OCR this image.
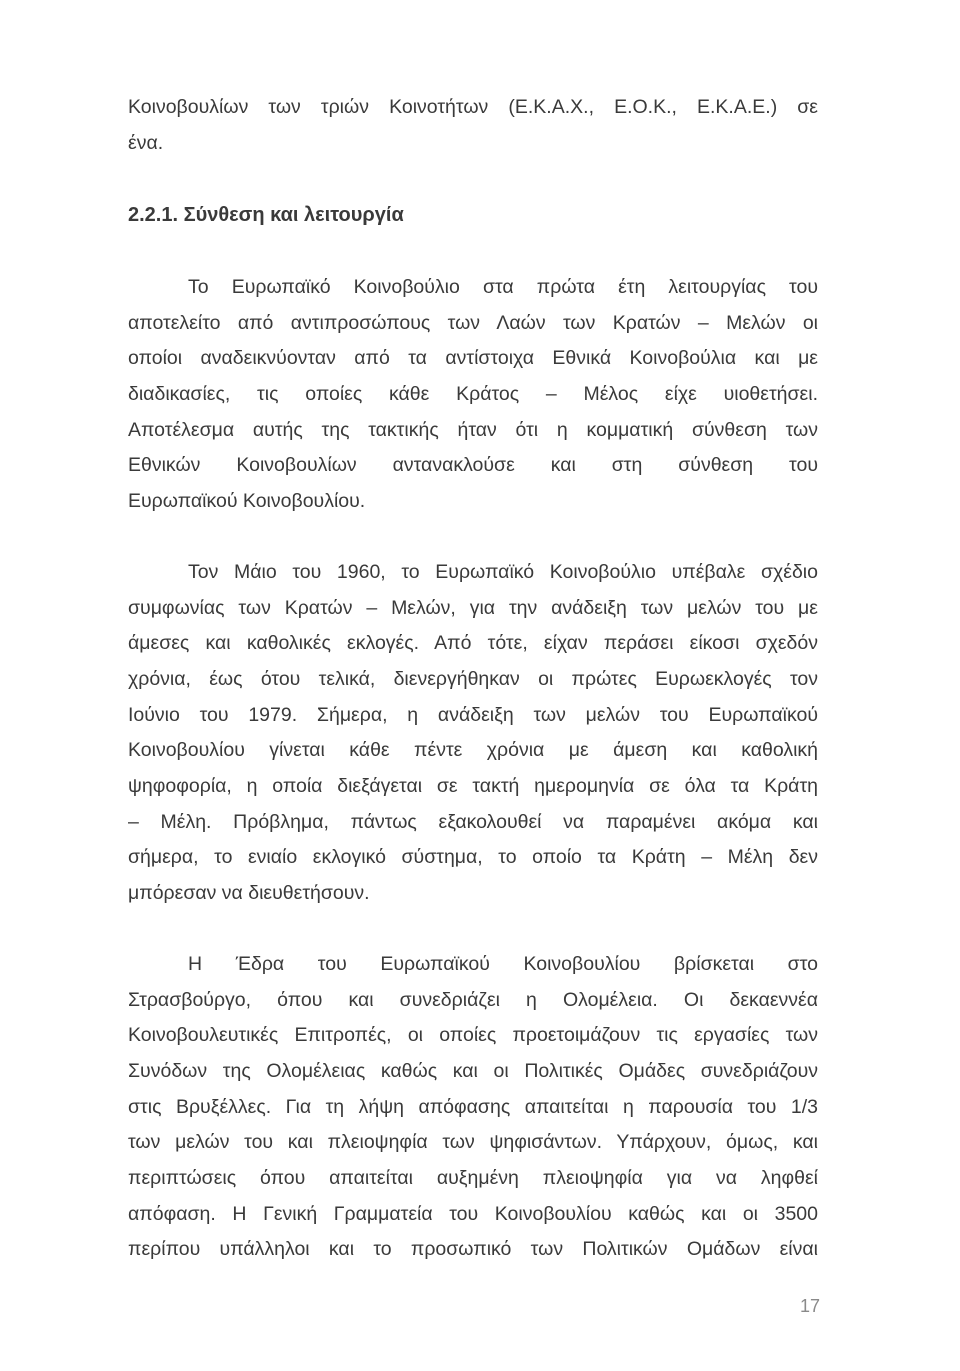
Κοινοβουλίων των τριών Κοινοτήτων (Ε.Κ.Α.Χ., Ε.Ο.Κ., Ε.Κ.Α.Ε.) σε
ένα.
2.2.1. Σύνθεση και λειτουργία
Το Ευρωπαϊκό Κοινοβούλιο στα πρώτα έτη λειτουργίας του
αποτελείτο από αντιπροσώπους των Λαών των Κρατών – Μελών οι
οποίοι αναδεικνύονταν από τα αντίστοιχα Εθνικά Κοινοβούλια και με
διαδικασίες, τις οποίες κάθε Κράτος – Μέλος είχε υιοθετήσει.
Αποτέλεσμα αυτής της τακτικής ήταν ότι η κομματική σύνθεση των
Εθνικών Κοινοβουλίων αντανακλούσε και στη σύνθεση του
Ευρωπαϊκού Κοινοβουλίου.
Τον Μάιο του 1960, το Ευρωπαϊκό Κοινοβούλιο υπέβαλε σχέδιο
συμφωνίας των Κρατών – Μελών, για την ανάδειξη των μελών του με
άμεσες και καθολικές εκλογές. Από τότε, είχαν περάσει είκοσι σχεδόν
χρόνια, έως ότου τελικά, διενεργήθηκαν οι πρώτες Ευρωεκλογές τον
Ιούνιο του 1979. Σήμερα, η ανάδειξη των μελών του Ευρωπαϊκού
Κοινοβουλίου γίνεται κάθε πέντε χρόνια με άμεση και καθολική
ψηφοφορία, η οποία διεξάγεται σε τακτή ημερομηνία σε όλα τα Κράτη
– Μέλη. Πρόβλημα, πάντως εξακολουθεί να παραμένει ακόμα και
σήμερα, το ενιαίο εκλογικό σύστημα, το οποίο τα Κράτη – Μέλη δεν
μπόρεσαν να διευθετήσουν.
Η Έδρα του Ευρωπαϊκού Κοινοβουλίου βρίσκεται στο
Στρασβούργο, όπου και συνεδριάζει η Ολομέλεια. Οι δεκαεννέα
Κοινοβουλευτικές Επιτροπές, οι οποίες προετοιμάζουν τις εργασίες των
Συνόδων της Ολομέλειας καθώς και οι Πολιτικές Ομάδες συνεδριάζουν
στις Βρυξέλλες. Για τη λήψη απόφασης απαιτείται η παρουσία του 1/3
των μελών του και πλειοψηφία των ψηφισάντων. Υπάρχουν, όμως, και
περιπτώσεις όπου απαιτείται αυξημένη πλειοψηφία για να ληφθεί
απόφαση. Η Γενική Γραμματεία του Κοινοβουλίου καθώς και οι 3500
περίπου υπάλληλοι και το προσωπικό των Πολιτικών Ομάδων είναι
17
